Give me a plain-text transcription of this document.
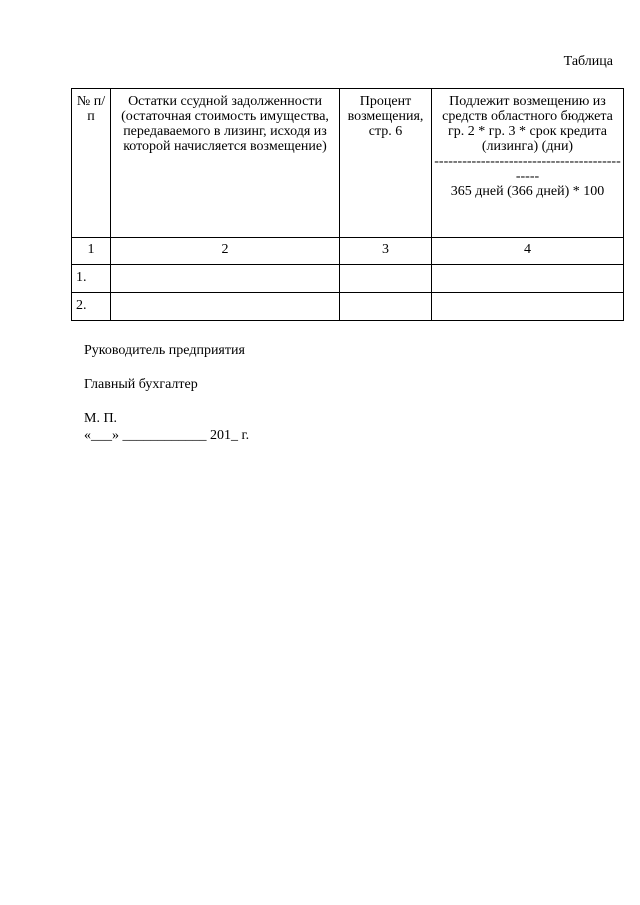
Таблица
№ п/п	Остатки ссудной задолженности (остаточная стоимость имущества, передаваемого в лизинг, исходя из которой начисляется возмещение)	Процент возмещения, стр. 6	Подлежит возмещению из средств областного бюджета
гр. 2 * гр. 3 * срок кредита (лизинга) (дни)
---------------------------------------------
365 дней (366 дней) * 100
1	2	3	4
1.			
2.			
Руководитель предприятия
Главный бухгалтер
М. П.
«___» ____________ 201_ г.
